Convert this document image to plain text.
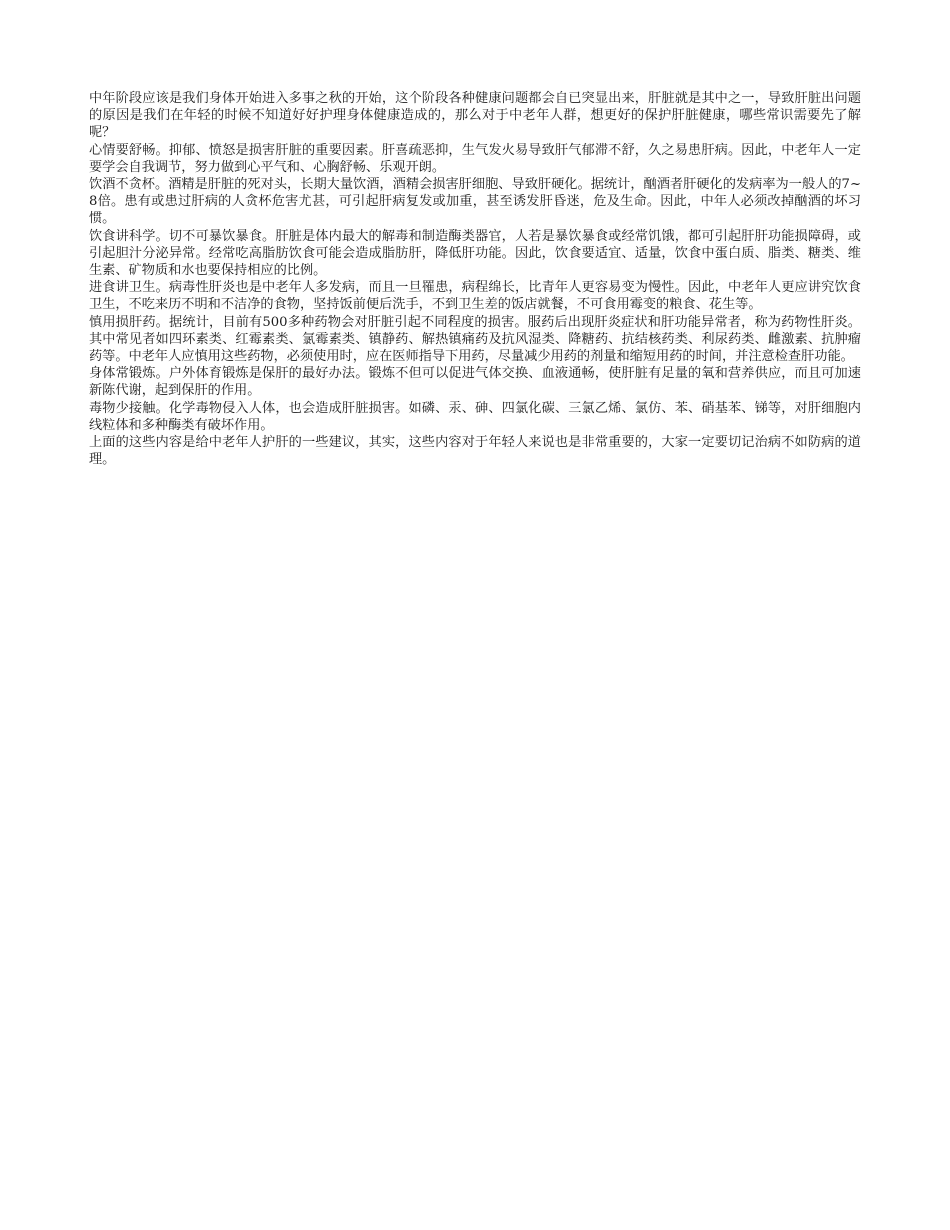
中年阶段应该是我们身体开始进入多事之秋的开始，这个阶段各种健康问题都会自已突显出来，肝脏就是其中之一，导致肝脏出问题的原因是我们在年轻的时候不知道好好护理身体健康造成的，那么对于中老年人群，想更好的保护肝脏健康，哪些常识需要先了解呢？

心情要舒畅。抑郁、愤怒是损害肝脏的重要因素。肝喜疏恶抑，生气发火易导致肝气郁滞不舒，久之易患肝病。因此，中老年人一定要学会自我调节，努力做到心平气和、心胸舒畅、乐观开朗。

饮酒不贪杯。酒精是肝脏的死对头，长期大量饮酒，酒精会损害肝细胞、导致肝硬化。据统计，酗酒者肝硬化的发病率为一般人的7~8倍。患有或患过肝病的人贪杯危害尤甚，可引起肝病复发或加重，甚至诱发肝昏迷，危及生命。因此，中年人必须改掉酗酒的坏习惯。

饮食讲科学。切不可暴饮暴食。肝脏是体内最大的解毒和制造酶类器官，人若是暴饮暴食或经常饥饿，都可引起肝肝功能损障碍，或引起胆汁分泌异常。经常吃高脂肪饮食可能会造成脂肪肝，降低肝功能。因此，饮食要适宜、适量，饮食中蛋白质、脂类、糖类、维生素、矿物质和水也要保持相应的比例。

进食讲卫生。病毒性肝炎也是中老年人多发病，而且一旦罹患，病程绵长，比青年人更容易变为慢性。因此，中老年人更应讲究饮食卫生，不吃来历不明和不洁净的食物，坚持饭前便后洗手，不到卫生差的饭店就餐，不可食用霉变的粮食、花生等。

慎用损肝药。据统计，目前有500多种药物会对肝脏引起不同程度的损害。服药后出现肝炎症状和肝功能异常者，称为药物性肝炎。其中常见者如四环素类、红霉素类、氯霉素类、镇静药、解热镇痛药及抗风湿类、降糖药、抗结核药类、利尿药类、雌激素、抗肿瘤药等。中老年人应慎用这些药物，必须使用时，应在医师指导下用药，尽量减少用药的剂量和缩短用药的时间，并注意检查肝功能。

身体常锻炼。户外体育锻炼是保肝的最好办法。锻炼不但可以促进气体交换、血液通畅，使肝脏有足量的氧和营养供应，而且可加速新陈代谢，起到保肝的作用。

毒物少接触。化学毒物侵入人体，也会造成肝脏损害。如磷、汞、砷、四氯化碳、三氯乙烯、氯仿、苯、硝基苯、锑等，对肝细胞内线粒体和多种酶类有破坏作用。

上面的这些内容是给中老年人护肝的一些建议，其实，这些内容对于年轻人来说也是非常重要的，大家一定要切记治病不如防病的道理。
